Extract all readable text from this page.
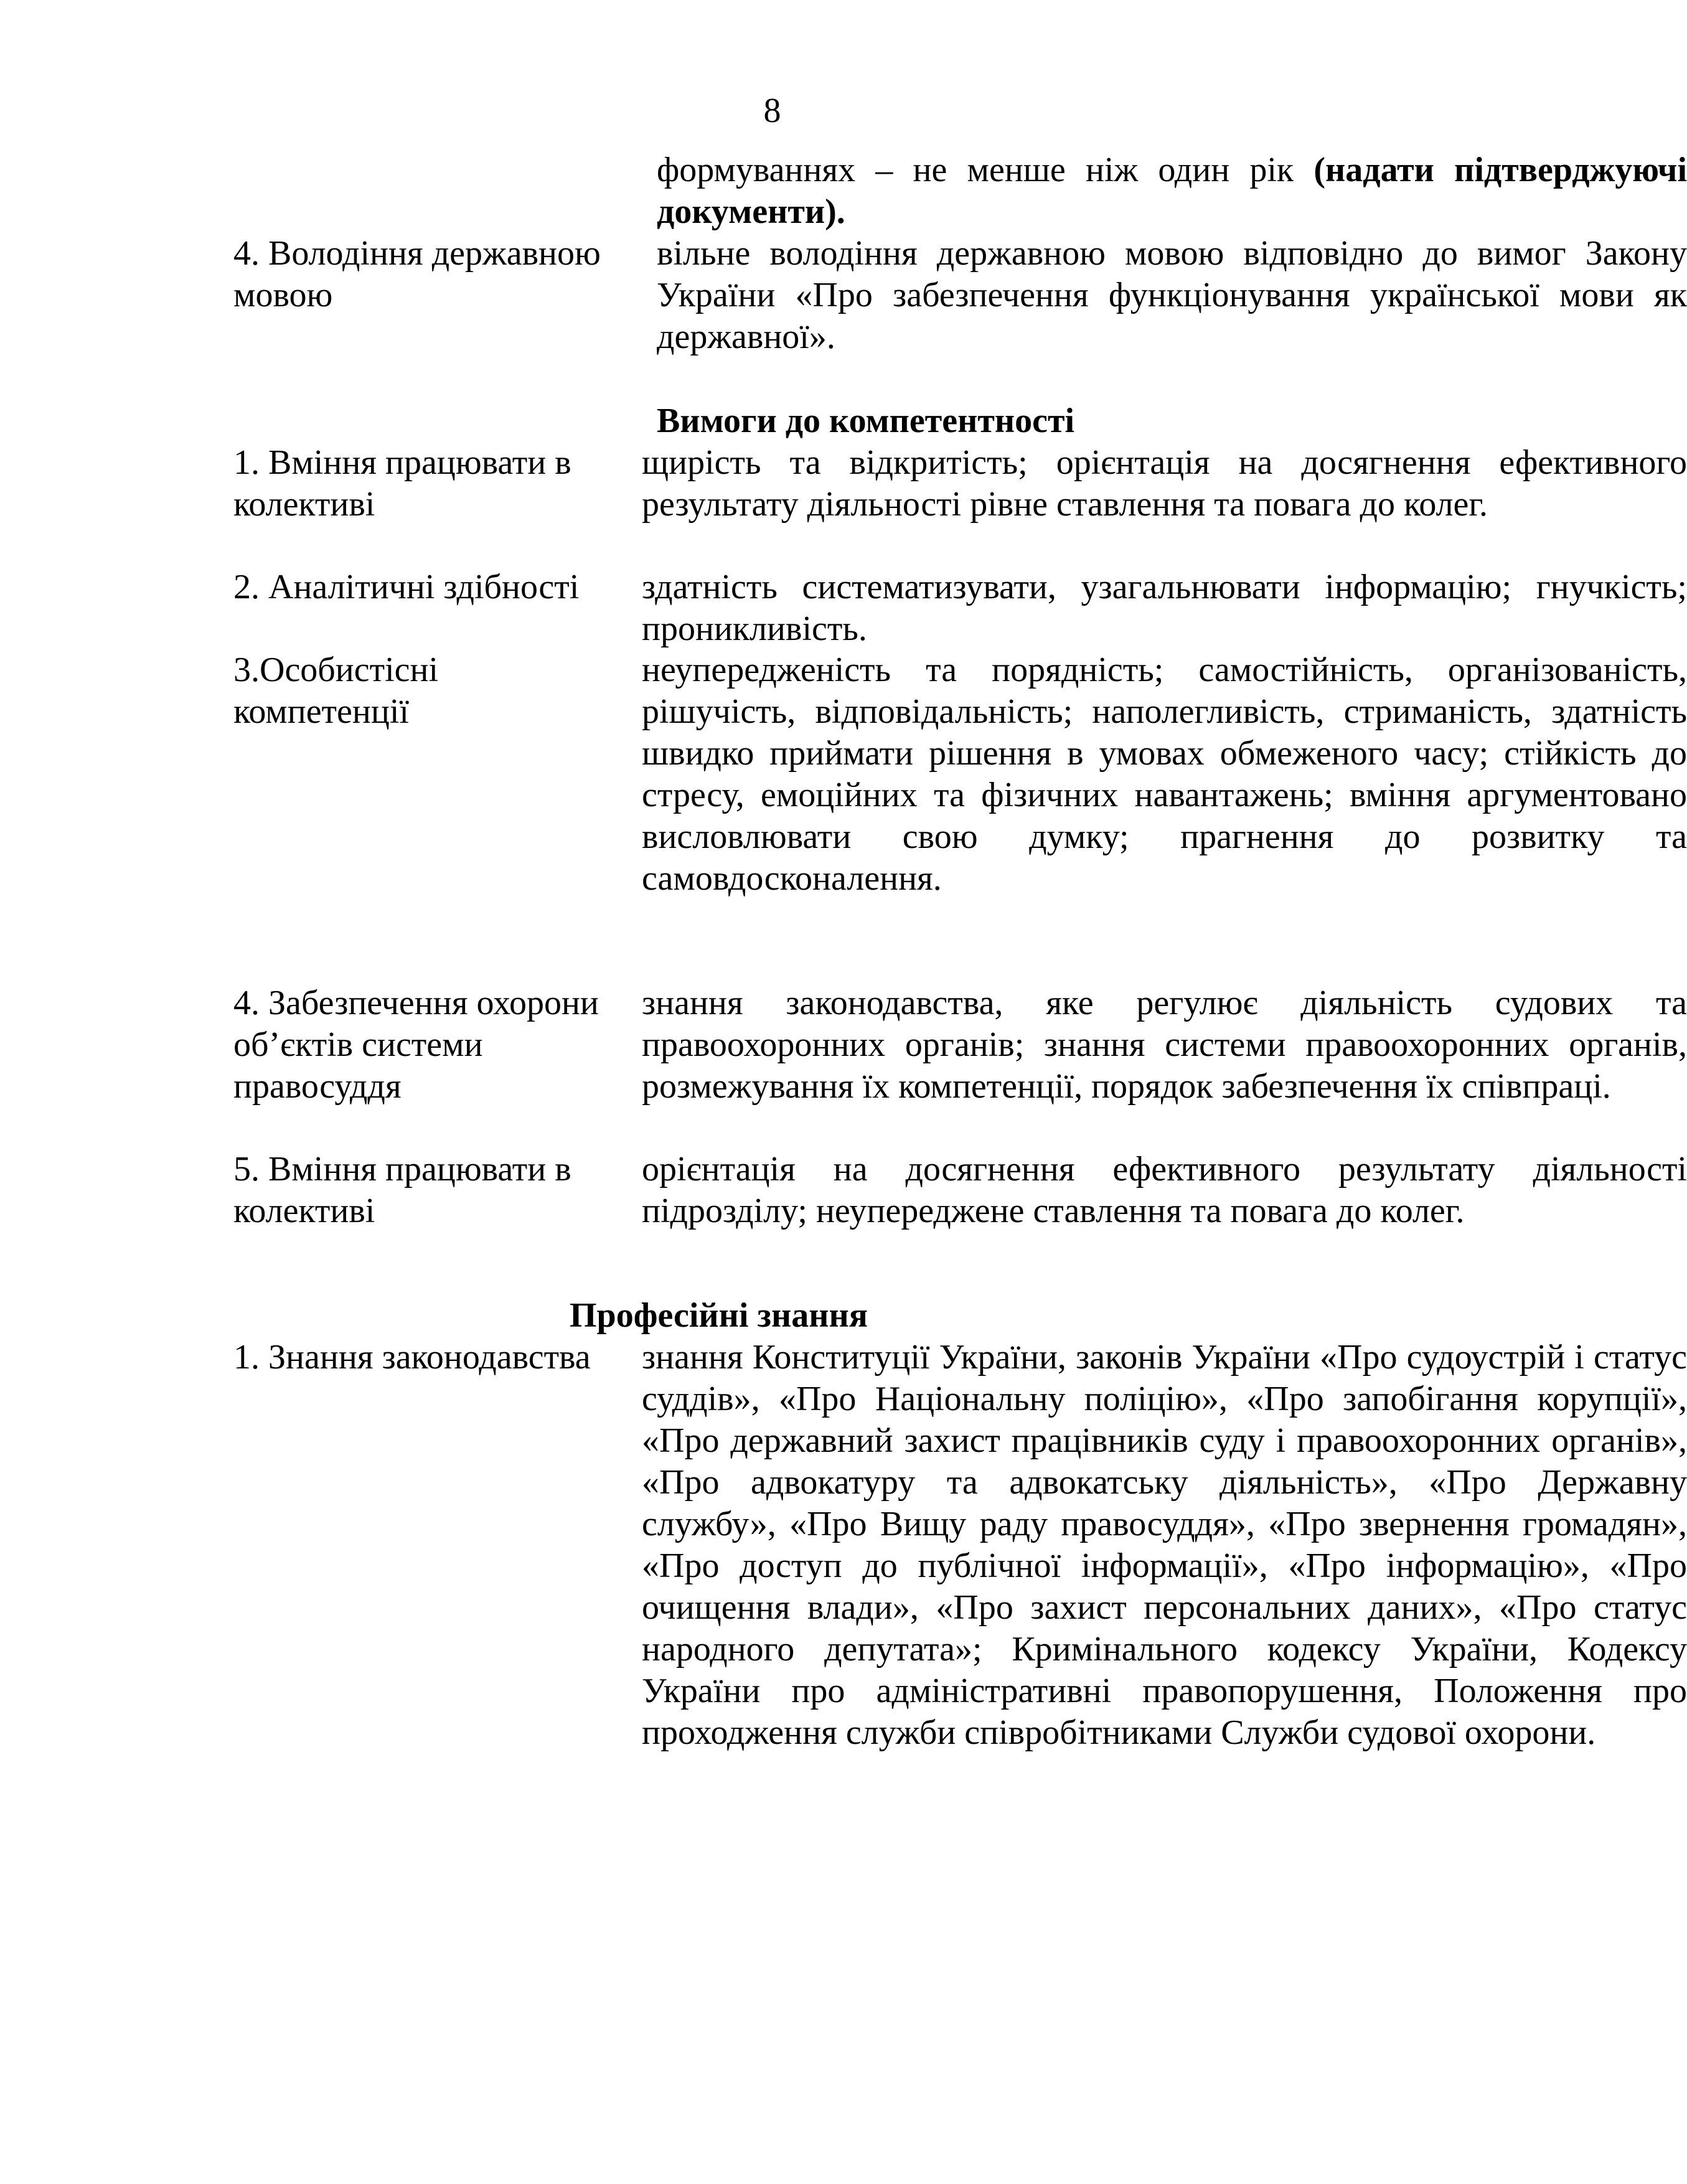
8

формуваннях – не менше ніж один рік (надати підтверджуючі документи).

4. Володіння державною
мовою
вільне володіння державною мовою відповідно до вимог Закону України «Про забезпечення функціонування української мови як державної».
Вимоги до компетентності
1. Вміння працювати в
колективі
щирість та відкритість; орієнтація на досягнення ефективного результату діяльності рівне ставлення та повага до колег.
2. Аналітичні здібності	здатність систематизувати, узагальнювати інформацію; гнучкість; проникливість.
3.Особистісні
компетенції
неупередженість та порядність; самостійність, організованість, рішучість, відповідальність; наполегливість, стриманість, здатність швидко приймати рішення в умовах обмеженого часу; стійкість до стресу, емоційних та фізичних навантажень; вміння аргументовано висловлювати свою думку; прагнення до розвитку та самовдосконалення.
4. Забезпечення охорони
об’єктів системи
правосуддя
знання законодавства, яке регулює діяльність судових та правоохоронних органів; знання системи правоохоронних органів, розмежування їх компетенції, порядок забезпечення їх співпраці.
5. Вміння працювати в
колективі
орієнтація на досягнення ефективного результату діяльності підрозділу; неупереджене ставлення та повага до колег.
Професійні знання
1. Знання законодавства	знання Конституції України, законів України «Про судоустрій і статус суддів», «Про Національну поліцію», «Про запобігання корупції», «Про державний захист працівників суду і правоохоронних органів», «Про адвокатуру та адвокатську діяльність», «Про Державну службу», «Про Вищу раду правосуддя», «Про звернення громадян», «Про доступ до публічної інформації», «Про інформацію», «Про очищення влади», «Про захист персональних даних», «Про статус народного депутата»; Кримінального кодексу України, Кодексу України про адміністративні правопорушення, Положення про проходження служби співробітниками Служби судової охорони.
